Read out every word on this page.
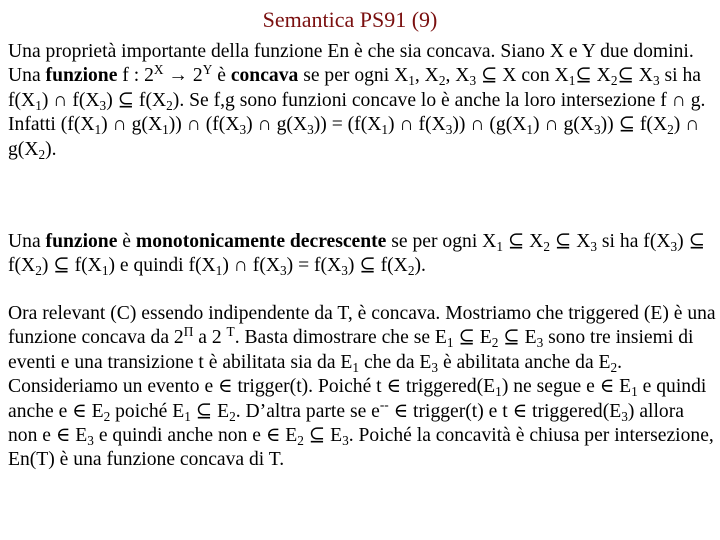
Semantica PS91 (9)

Una proprietà importante della funzione En è che sia concava. Siano X e Y due domini. Una funzione f : $2^X \to 2^Y$ è concava se per ogni $X_1$, $X_2$, $X_3$ ⊆ X con $X_1⊆$ $X_2⊆$ $X_3$ si ha $f(X_1)$ ∩ $f(X_3)$ ⊆ $f(X_2)$. Se f,g sono funzioni concave lo è anche la loro intersezione f ∩ g. Infatti ($f(X_1)$ ∩ $g(X_1)$) ∩ ($f(X_3)$ ∩ $g(X_3)) = (f(X_1)$ ∩ $f(X_3)$) ∩ ($g(X_1)$ ∩ $g(X_3)$) ⊆ $f(X_2)$ ∩ $g(X_2)$.

Una funzione è monotonicamente decrescente se per ogni $X_1$ ⊆ $X_2$ ⊆ $X_3$ si ha $f(X_3)$ ⊆ $f(X_2)$ ⊆ $f(X_1)$ e quindi $f(X_1)$ ∩ $f(X_3) = f(X_3)$ ⊆ $f(X_2)$.

Ora relevant (C) essendo indipendente da T, è concava. Mostriamo che triggered (E) è una funzione concava da $2^\Pi$ a 2 $^T$. Basta dimostrare che se $E_1$ ⊆ $E_2$ ⊆ $E_3$ sono tre insiemi di eventi e una transizione t è abilitata sia da $E_1$ che da $E_3$ è abilitata anche da $E_2$. Consideriamo un evento e ∈ trigger(t). Poiché t ∈ $triggered(E_1)$ ne segue e ∈ $E_1$ e quindi anche e ∈ $E_2$ poiché $E_1$ ⊆ $E_2$. D’altra parte se e-- ∈ trigger(t) e t ∈ $triggered(E_3)$ allora non e ∈ $E_3$ e quindi anche non e ∈ $E_2$ ⊆ $E_3$. Poiché la concavità è chiusa per intersezione, En(T) è una funzione concava di T.
